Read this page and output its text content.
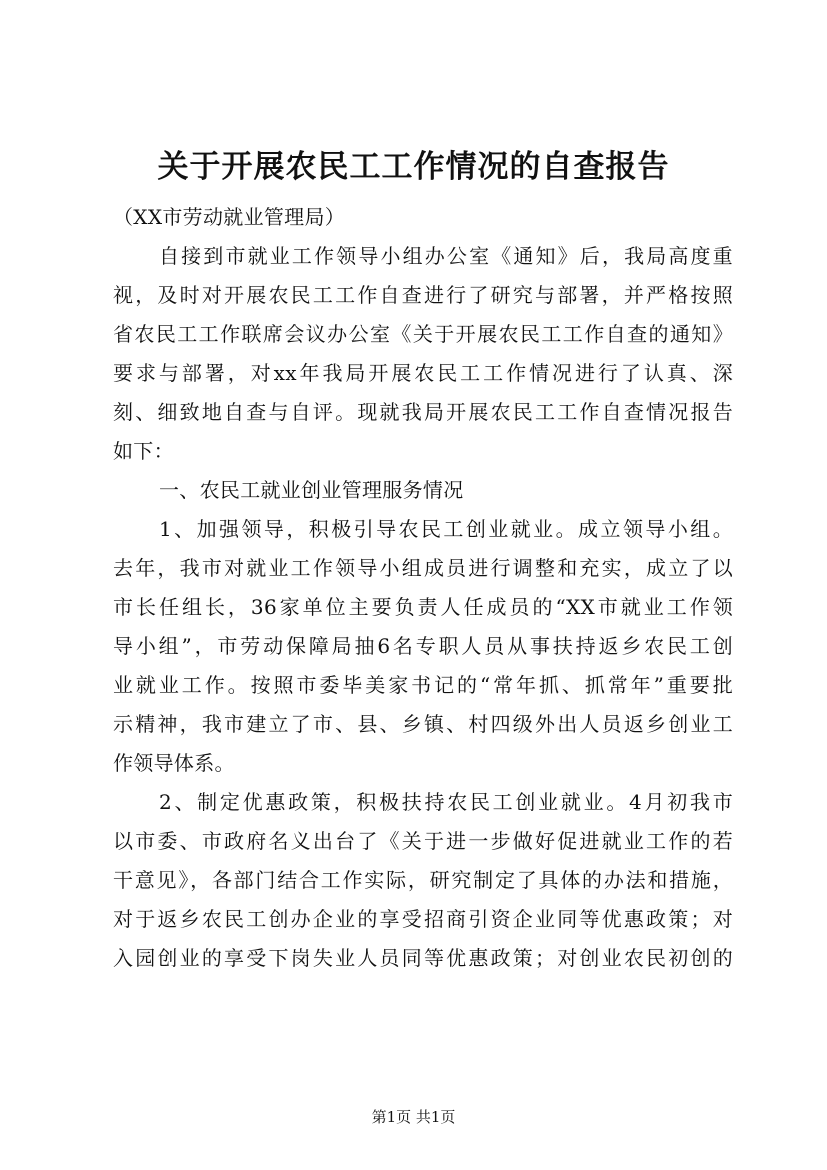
关于开展农民工工作情况的自查报告
（XX市劳动就业管理局）
自接到市就业工作领导小组办公室《通知》后，我局高度重
视，及时对开展农民工工作自查进行了研究与部署，并严格按照
省农民工工作联席会议办公室《关于开展农民工工作自查的通知》
要求与部署，对xx年我局开展农民工工作情况进行了认真、深
刻、细致地自查与自评。现就我局开展农民工工作自查情况报告
如下：
一、农民工就业创业管理服务情况
1、加强领导，积极引导农民工创业就业。成立领导小组。
去年，我市对就业工作领导小组成员进行调整和充实，成立了以
市长任组长，36家单位主要负责人任成员的“XX市就业工作领
导小组”，市劳动保障局抽6名专职人员从事扶持返乡农民工创
业就业工作。按照市委毕美家书记的“常年抓、抓常年”重要批
示精神，我市建立了市、县、乡镇、村四级外出人员返乡创业工
作领导体系。
2、制定优惠政策，积极扶持农民工创业就业。4月初我市
以市委、市政府名义出台了《关于进一步做好促进就业工作的若
干意见》，各部门结合工作实际，研究制定了具体的办法和措施，
对于返乡农民工创办企业的享受招商引资企业同等优惠政策；对
入园创业的享受下岗失业人员同等优惠政策；对创业农民初创的
第1页 共1页
